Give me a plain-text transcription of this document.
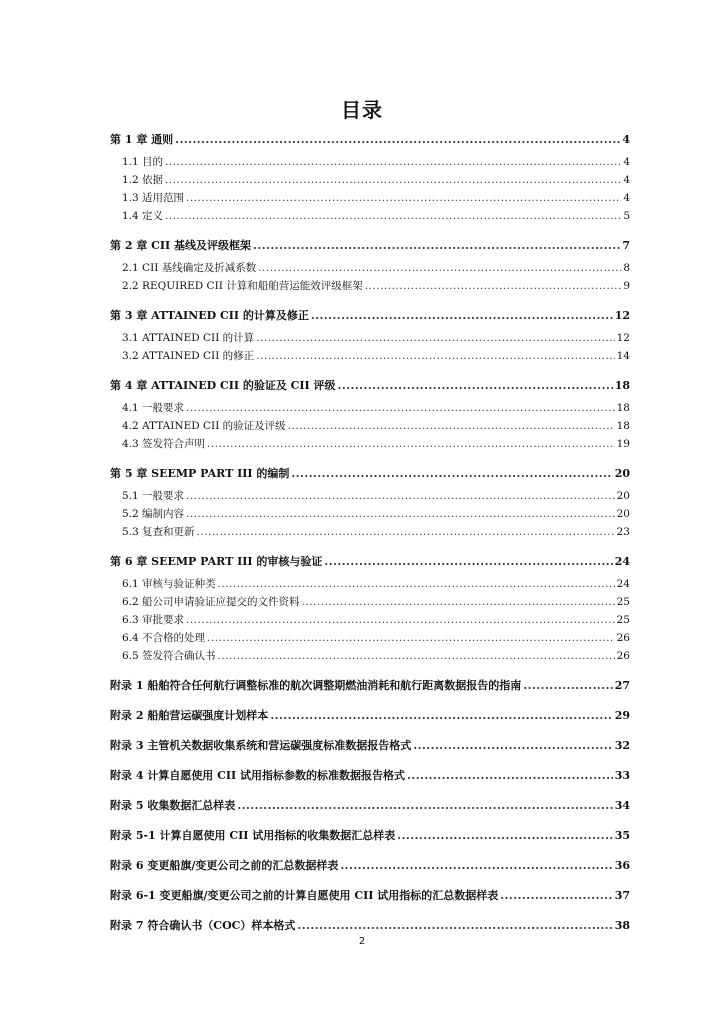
目录
第 1 章 通则 .....	4
1.1 目的 .....	4
1.2 依据 .....	4
1.3 适用范围 .....	4
1.4 定义 .....	5
第 2 章 CII 基线及评级框架 .....	7
2.1 CII 基线确定及折减系数 .....	8
2.2 REQUIRED CII 计算和船舶营运能效评级框架 .....	9
第 3 章 ATTAINED CII 的计算及修正 .....	12
3.1 ATTAINED CII 的计算 .....	12
3.2 ATTAINED CII 的修正 .....	14
第 4 章 ATTAINED CII 的验证及 CII 评级 .....	18
4.1 一般要求 .....	18
4.2 ATTAINED CII 的验证及评级 .....	18
4.3 签发符合声明 .....	19
第 5 章 SEEMP PART III 的编制 .....	20
5.1 一般要求 .....	20
5.2 编制内容 .....	20
5.3 复查和更新 .....	23
第 6 章 SEEMP PART III 的审核与验证 .....	24
6.1 审核与验证种类 .....	24
6.2 船公司申请验证应提交的文件资料 .....	25
6.3 审批要求 .....	25
6.4 不合格的处理 .....	26
6.5 签发符合确认书 .....	26
附录 1 船舶符合任何航行调整标准的航次调整期燃油消耗和航行距离数据报告的指南 .....	27
附录 2 船舶营运碳强度计划样本 .....	29
附录 3 主管机关数据收集系统和营运碳强度标准数据报告格式 .....	32
附录 4 计算自愿使用 CII 试用指标参数的标准数据报告格式 .....	33
附录 5 收集数据汇总样表 .....	34
附录 5-1 计算自愿使用 CII 试用指标的收集数据汇总样表 .....	35
附录 6 变更船旗/变更公司之前的汇总数据样表 .....	36
附录 6-1 变更船旗/变更公司之前的计算自愿使用 CII 试用指标的汇总数据样表 .....	37
附录 7 符合确认书（COC）样本格式 .....	38
2
